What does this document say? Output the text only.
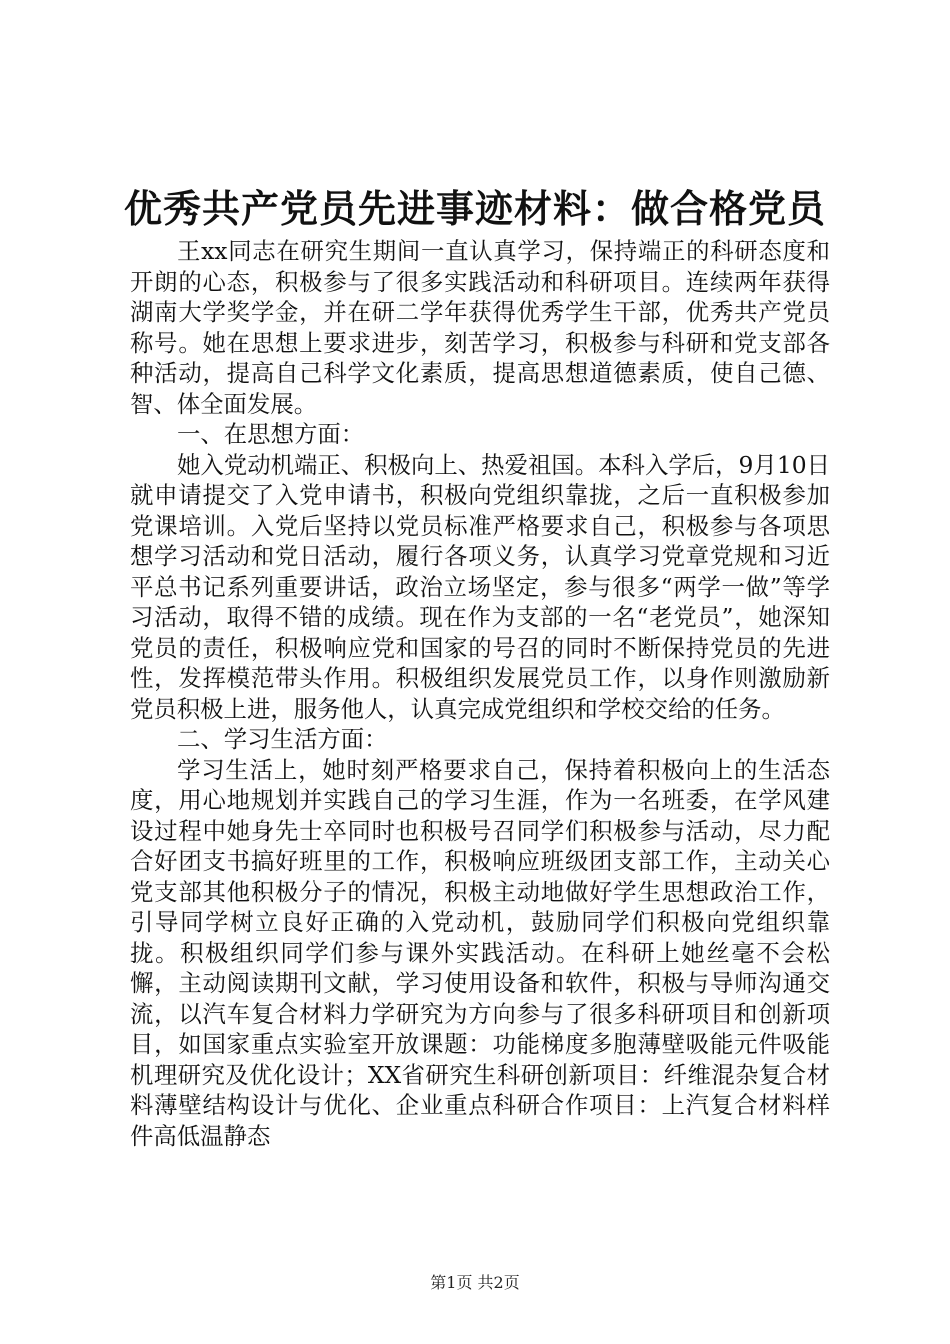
优秀共产党员先进事迹材料：做合格党员

王xx同志在研究生期间一直认真学习，保持端正的科研态度和开朗的心态，积极参与了很多实践活动和科研项目。连续两年获得湖南大学奖学金，并在研二学年获得优秀学生干部，优秀共产党员称号。她在思想上要求进步，刻苦学习，积极参与科研和党支部各种活动，提高自己科学文化素质，提高思想道德素质，使自己德、智、体全面发展。

一、在思想方面：

她入党动机端正、积极向上、热爱祖国。本科入学后，9月10日就申请提交了入党申请书，积极向党组织靠拢，之后一直积极参加党课培训。入党后坚持以党员标准严格要求自己，积极参与各项思想学习活动和党日活动，履行各项义务，认真学习党章党规和习近平总书记系列重要讲话，政治立场坚定，参与很多“两学一做”等学习活动，取得不错的成绩。现在作为支部的一名“老党员”，她深知党员的责任，积极响应党和国家的号召的同时不断保持党员的先进性，发挥模范带头作用。积极组织发展党员工作，以身作则激励新党员积极上进，服务他人，认真完成党组织和学校交给的任务。

二、学习生活方面：

学习生活上，她时刻严格要求自己，保持着积极向上的生活态度，用心地规划并实践自己的学习生涯，作为一名班委，在学风建设过程中她身先士卒同时也积极号召同学们积极参与活动，尽力配合好团支书搞好班里的工作，积极响应班级团支部工作，主动关心党支部其他积极分子的情况，积极主动地做好学生思想政治工作，引导同学树立良好正确的入党动机，鼓励同学们积极向党组织靠拢。积极组织同学们参与课外实践活动。在科研上她丝毫不会松懈，主动阅读期刊文献，学习使用设备和软件，积极与导师沟通交流，以汽车复合材料力学研究为方向参与了很多科研项目和创新项目，如国家重点实验室开放课题：功能梯度多胞薄壁吸能元件吸能机理研究及优化设计；XX省研究生科研创新项目：纤维混杂复合材料薄壁结构设计与优化、企业重点科研合作项目：上汽复合材料样件高低温静态

第1页 共2页
